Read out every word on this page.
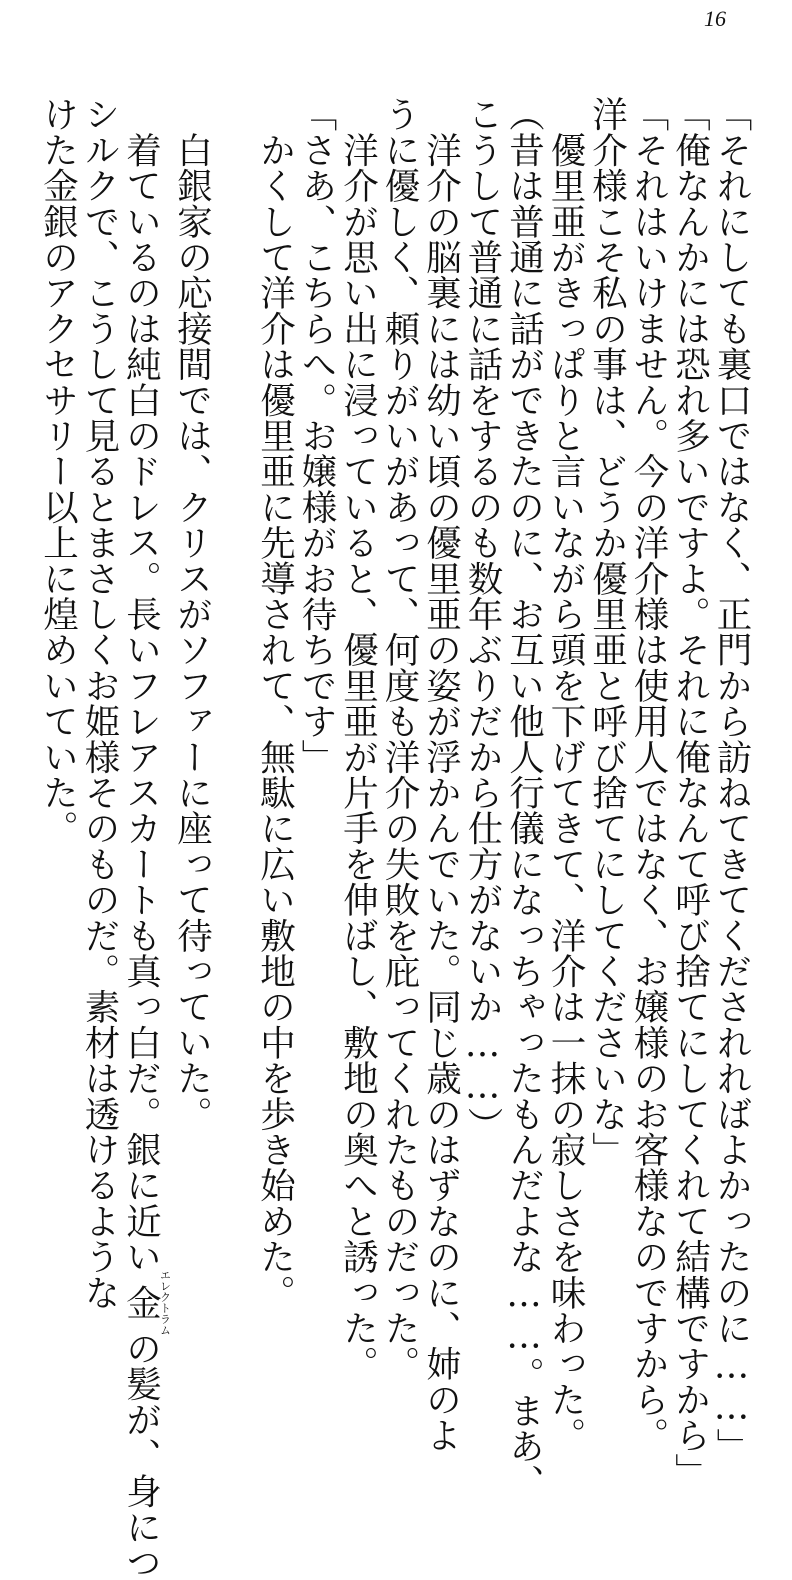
16

「それにしても裏口ではなく、正門から訪ねてきてくだされればよかったのに……」

「俺なんかには恐れ多いですよ。それに俺なんて呼び捨てにしてくれて結構ですから」

「それはいけません。今の洋介様は使用人ではなく、お嬢様のお客様なのですから。

洋介様こそ私の事は、どうか優里亜と呼び捨てにしてくださいな」

　優里亜がきっぱりと言いながら頭を下げてきて、洋介は一抹の寂しさを味わった。

（昔は普通に話ができたのに、お互い他人行儀になっちゃったもんだよな……。まあ、

こうして普通に話をするのも数年ぶりだから仕方がないか……）

　洋介の脳裏には幼い頃の優里亜の姿が浮かんでいた。同じ歳のはずなのに、姉のよ

うに優しく、頼りがいがあって、何度も洋介の失敗を庇ってくれたものだった。

　洋介が思い出に浸っていると、優里亜が片手を伸ばし、敷地の奥へと誘った。

「さあ、こちらへ。お嬢様がお待ちです」

　かくして洋介は優里亜に先導されて、無駄に広い敷地の中を歩き始めた。

　白銀家の応接間では、クリスがソファーに座って待っていた。

　着ているのは純白のドレス。長いフレアスカートも真っ白だ。銀に近い金エレクトラムの髪が、身につ

シルクで、こうして見るとまさしくお姫様そのものだ。素材は透けるような

けた金銀のアクセサリー以上に煌めいていた。
